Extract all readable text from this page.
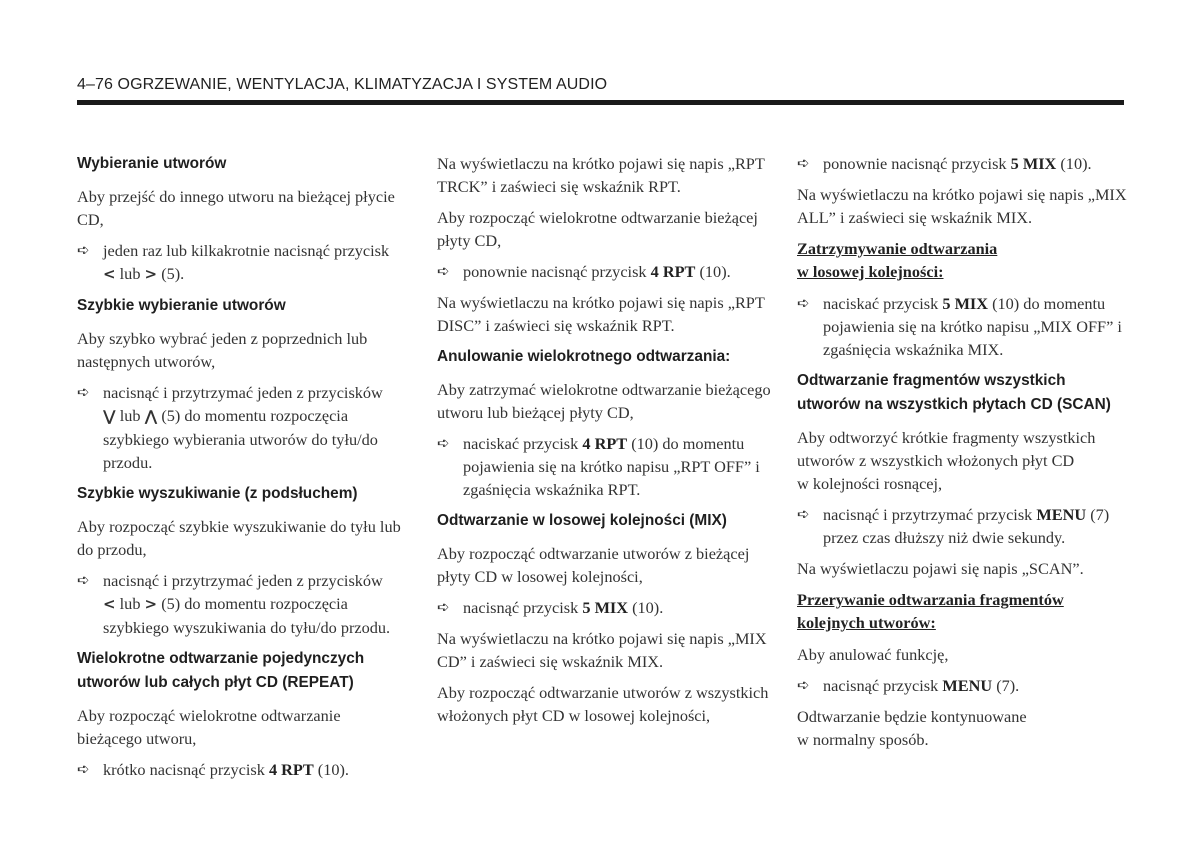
4–76 OGRZEWANIE, WENTYLACJA, KLIMATYZACJA I SYSTEM AUDIO
Wybieranie utworów
Aby przejść do innego utworu na bieżącej płycie CD,
➪ jeden raz lub kilkakrotnie nacisnąć przycisk
< lub > (5).
Szybkie wybieranie utworów
Aby szybko wybrać jeden z poprzednich lub następnych utworów,
➪ nacisnąć i przytrzymać jeden z przycisków
⋁ lub ⋀ (5) do momentu rozpoczęcia szybkiego wybierania utworów do tyłu/do przodu.
Szybkie wyszukiwanie (z podsłuchem)
Aby rozpocząć szybkie wyszukiwanie do tyłu lub do przodu,
➪ nacisnąć i przytrzymać jeden z przycisków
< lub > (5) do momentu rozpoczęcia szybkiego wyszukiwania do tyłu/do przodu.
Wielokrotne odtwarzanie pojedynczych utworów lub całych płyt CD (REPEAT)
Aby rozpocząć wielokrotne odtwarzanie bieżącego utworu,
➪ krótko nacisnąć przycisk 4 RPT (10).
Na wyświetlaczu na krótko pojawi się napis „RPT TRCK” i zaświeci się wskaźnik RPT.
Aby rozpocząć wielokrotne odtwarzanie bieżącej płyty CD,
➪ ponownie nacisnąć przycisk 4 RPT (10).
Na wyświetlaczu na krótko pojawi się napis „RPT DISC” i zaświeci się wskaźnik RPT.
Anulowanie wielokrotnego odtwarzania:
Aby zatrzymać wielokrotne odtwarzanie bieżącego utworu lub bieżącej płyty CD,
➪ naciskać przycisk 4 RPT (10) do momentu pojawienia się na krótko napisu „RPT OFF” i zgaśnięcia wskaźnika RPT.
Odtwarzanie w losowej kolejności (MIX)
Aby rozpocząć odtwarzanie utworów z bieżącej płyty CD w losowej kolejności,
➪ nacisnąć przycisk 5 MIX (10).
Na wyświetlaczu na krótko pojawi się napis „MIX CD” i zaświeci się wskaźnik MIX.
Aby rozpocząć odtwarzanie utworów z wszystkich włożonych płyt CD w losowej kolejności,
➪ ponownie nacisnąć przycisk 5 MIX (10).
Na wyświetlaczu na krótko pojawi się napis „MIX ALL” i zaświeci się wskaźnik MIX.
Zatrzymywanie odtwarzania
w losowej kolejności:
➪ naciskać przycisk 5 MIX (10) do momentu pojawienia się na krótko napisu „MIX OFF” i zgaśnięcia wskaźnika MIX.
Odtwarzanie fragmentów wszystkich utworów na wszystkich płytach CD (SCAN)
Aby odtworzyć krótkie fragmenty wszystkich utworów z wszystkich włożonych płyt CD
w kolejności rosnącej,
➪ nacisnąć i przytrzymać przycisk MENU (7) przez czas dłuższy niż dwie sekundy.
Na wyświetlaczu pojawi się napis „SCAN”.
Przerywanie odtwarzania fragmentów kolejnych utworów:
Aby anulować funkcję,
➪ nacisnąć przycisk MENU (7).
Odtwarzanie będzie kontynuowane
w normalny sposób.
